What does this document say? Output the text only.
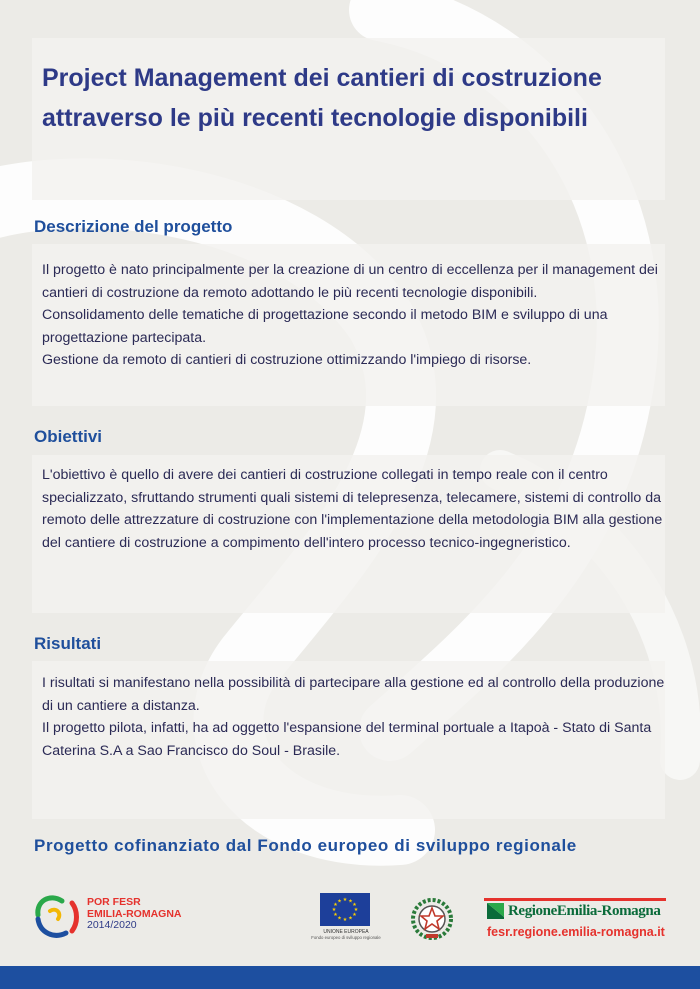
Project Management dei cantieri di costruzione attraverso le più recenti tecnologie disponibili
Descrizione del progetto

Il progetto è nato principalmente per la creazione di un centro di eccellenza per il management dei cantieri di costruzione da remoto adottando le più recenti tecnologie disponibili.

Consolidamento delle tematiche di progettazione secondo il metodo BIM e sviluppo di una progettazione partecipata.

Gestione da remoto di cantieri di costruzione ottimizzando l'impiego di risorse.

Obiettivi

L'obiettivo è quello di avere dei cantieri di costruzione collegati in tempo reale con il centro specializzato, sfruttando strumenti quali sistemi di telepresenza, telecamere, sistemi di controllo da remoto delle attrezzature di costruzione con l'implementazione della metodologia BIM alla gestione del cantiere di costruzione a compimento dell'intero processo tecnico-ingegneristico.

Risultati

I risultati si manifestano nella possibilità di partecipare alla gestione ed al controllo della produzione di un cantiere a distanza.

Il progetto pilota, infatti, ha ad oggetto l'espansione del terminal portuale a Itapoà - Stato di Santa Caterina S.A a Sao Francisco do Soul - Brasile.

Progetto cofinanziato dal Fondo europeo di sviluppo regionale
POR FESR
EMILIA-ROMAGNA
2014/2020
★ ★
★
★
★
★
★
★
★
★
★
★
UNIONE EUROPEA
Fondo europeo di sviluppo regionale
RegioneEmilia-Romagna
fesr.regione.emilia-romagna.it
